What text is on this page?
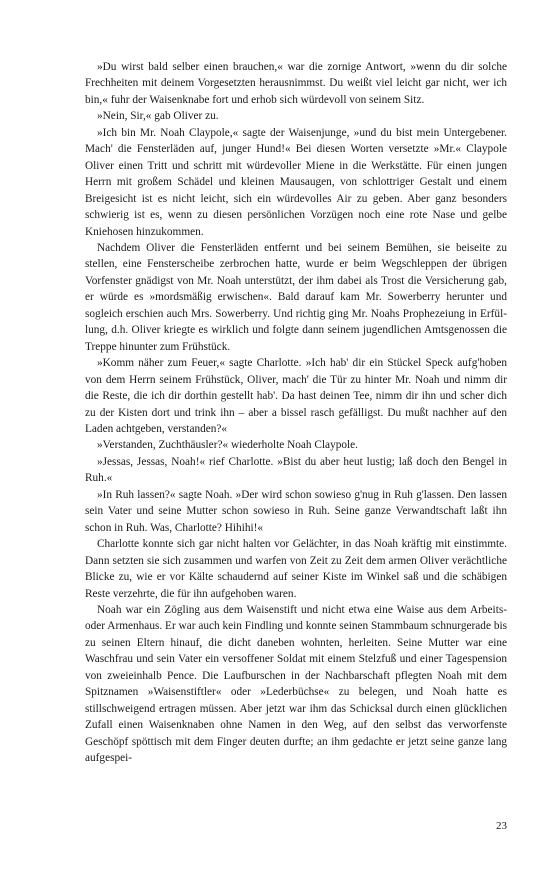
»Du wirst bald selber einen brauchen,« war die zornige Antwort, »wenn du dir solche Frechheiten mit deinem Vorgesetzten herausnimmst. Du weißt viel leicht gar nicht, wer ich bin,« fuhr der Waisenknabe fort und erhob sich würdevoll von seinem Sitz.

»Nein, Sir,« gab Oliver zu.

»Ich bin Mr. Noah Claypole,« sagte der Waisenjunge, »und du bist mein Untergebener. Mach' die Fensterläden auf, junger Hund!« Bei diesen Worten versetzte »Mr.« Claypole Oliver einen Tritt und schritt mit würdevoller Miene in die Werkstätte. Für einen jungen Herrn mit großem Schädel und kleinen Mausaugen, von schlottriger Gestalt und einem Breigesicht ist es nicht leicht, sich ein würdevolles Air zu geben. Aber ganz besonders schwierig ist es, wenn zu diesen persönlichen Vorzügen noch eine rote Nase und gelbe Kniehosen hinzukommen.

Nachdem Oliver die Fensterläden entfernt und bei seinem Bemühen, sie beiseite zu stellen, eine Fensterscheibe zerbrochen hatte, wurde er beim Wegschleppen der übrigen Vorfenster gnädigst von Mr. Noah unterstützt, der ihm dabei als Trost die Versicherung gab, er würde es »mordsmäßig erwischen«. Bald darauf kam Mr. Sowerberry herunter und sogleich erschien auch Mrs. Sowerberry. Und richtig ging Mr. Noahs Prophezeiung in Erfüllung, d.h. Oliver kriegte es wirklich und folgte dann seinem jugendlichen Amtsgenossen die Treppe hinunter zum Frühstück.

»Komm näher zum Feuer,« sagte Charlotte. »Ich hab' dir ein Stückel Speck aufg'hoben von dem Herrn seinem Frühstück, Oliver, mach' die Tür zu hinter Mr. Noah und nimm dir die Reste, die ich dir dorthin gestellt hab'. Da hast deinen Tee, nimm dir ihn und scher dich zu der Kisten dort und trink ihn – aber a bissel rasch gefälligst. Du mußt nachher auf den Laden achtgeben, verstanden?«

»Verstanden, Zuchthäusler?« wiederholte Noah Claypole.

»Jessas, Jessas, Noah!« rief Charlotte. »Bist du aber heut lustig; laß doch den Bengel in Ruh.«

»In Ruh lassen?« sagte Noah. »Der wird schon sowieso g'nug in Ruh g'lassen. Den lassen sein Vater und seine Mutter schon sowieso in Ruh. Seine ganze Verwandtschaft laßt ihn schon in Ruh. Was, Charlotte? Hihihi!«

Charlotte konnte sich gar nicht halten vor Gelächter, in das Noah kräftig mit einstimmte. Dann setzten sie sich zusammen und warfen von Zeit zu Zeit dem armen Oliver verächtliche Blicke zu, wie er vor Kälte schaudernd auf seiner Kiste im Winkel saß und die schäbigen Reste verzehrte, die für ihn aufgehoben waren.

Noah war ein Zögling aus dem Waisenstift und nicht etwa eine Waise aus dem Arbeits- oder Armenhaus. Er war auch kein Findling und konnte seinen Stammbaum schnurgerade bis zu seinen Eltern hinauf, die dicht daneben wohnten, herleiten. Seine Mutter war eine Waschfrau und sein Vater ein versoffener Soldat mit einem Stelzfuß und einer Tagespension von zweieinhalb Pence. Die Laufburschen in der Nachbarschaft pflegten Noah mit dem Spitznamen »Waisenstiftler« oder »Lederbüchse« zu belegen, und Noah hatte es stillschweigend ertragen müssen. Aber jetzt war ihm das Schicksal durch einen glücklichen Zufall einen Waisenknaben ohne Namen in den Weg, auf den selbst das verworfenste Geschöpf spöttisch mit dem Finger deuten durfte; an ihm gedachte er jetzt seine ganze lang aufgespei-

23
